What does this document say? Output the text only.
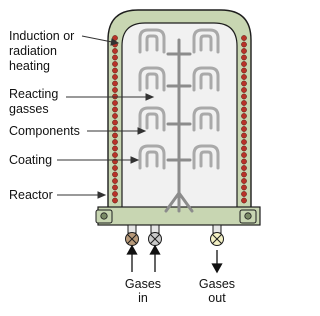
Induction or
radiation
heating
Reacting
gasses
Components
Coating
Reactor
Gases
in
Gases
out
